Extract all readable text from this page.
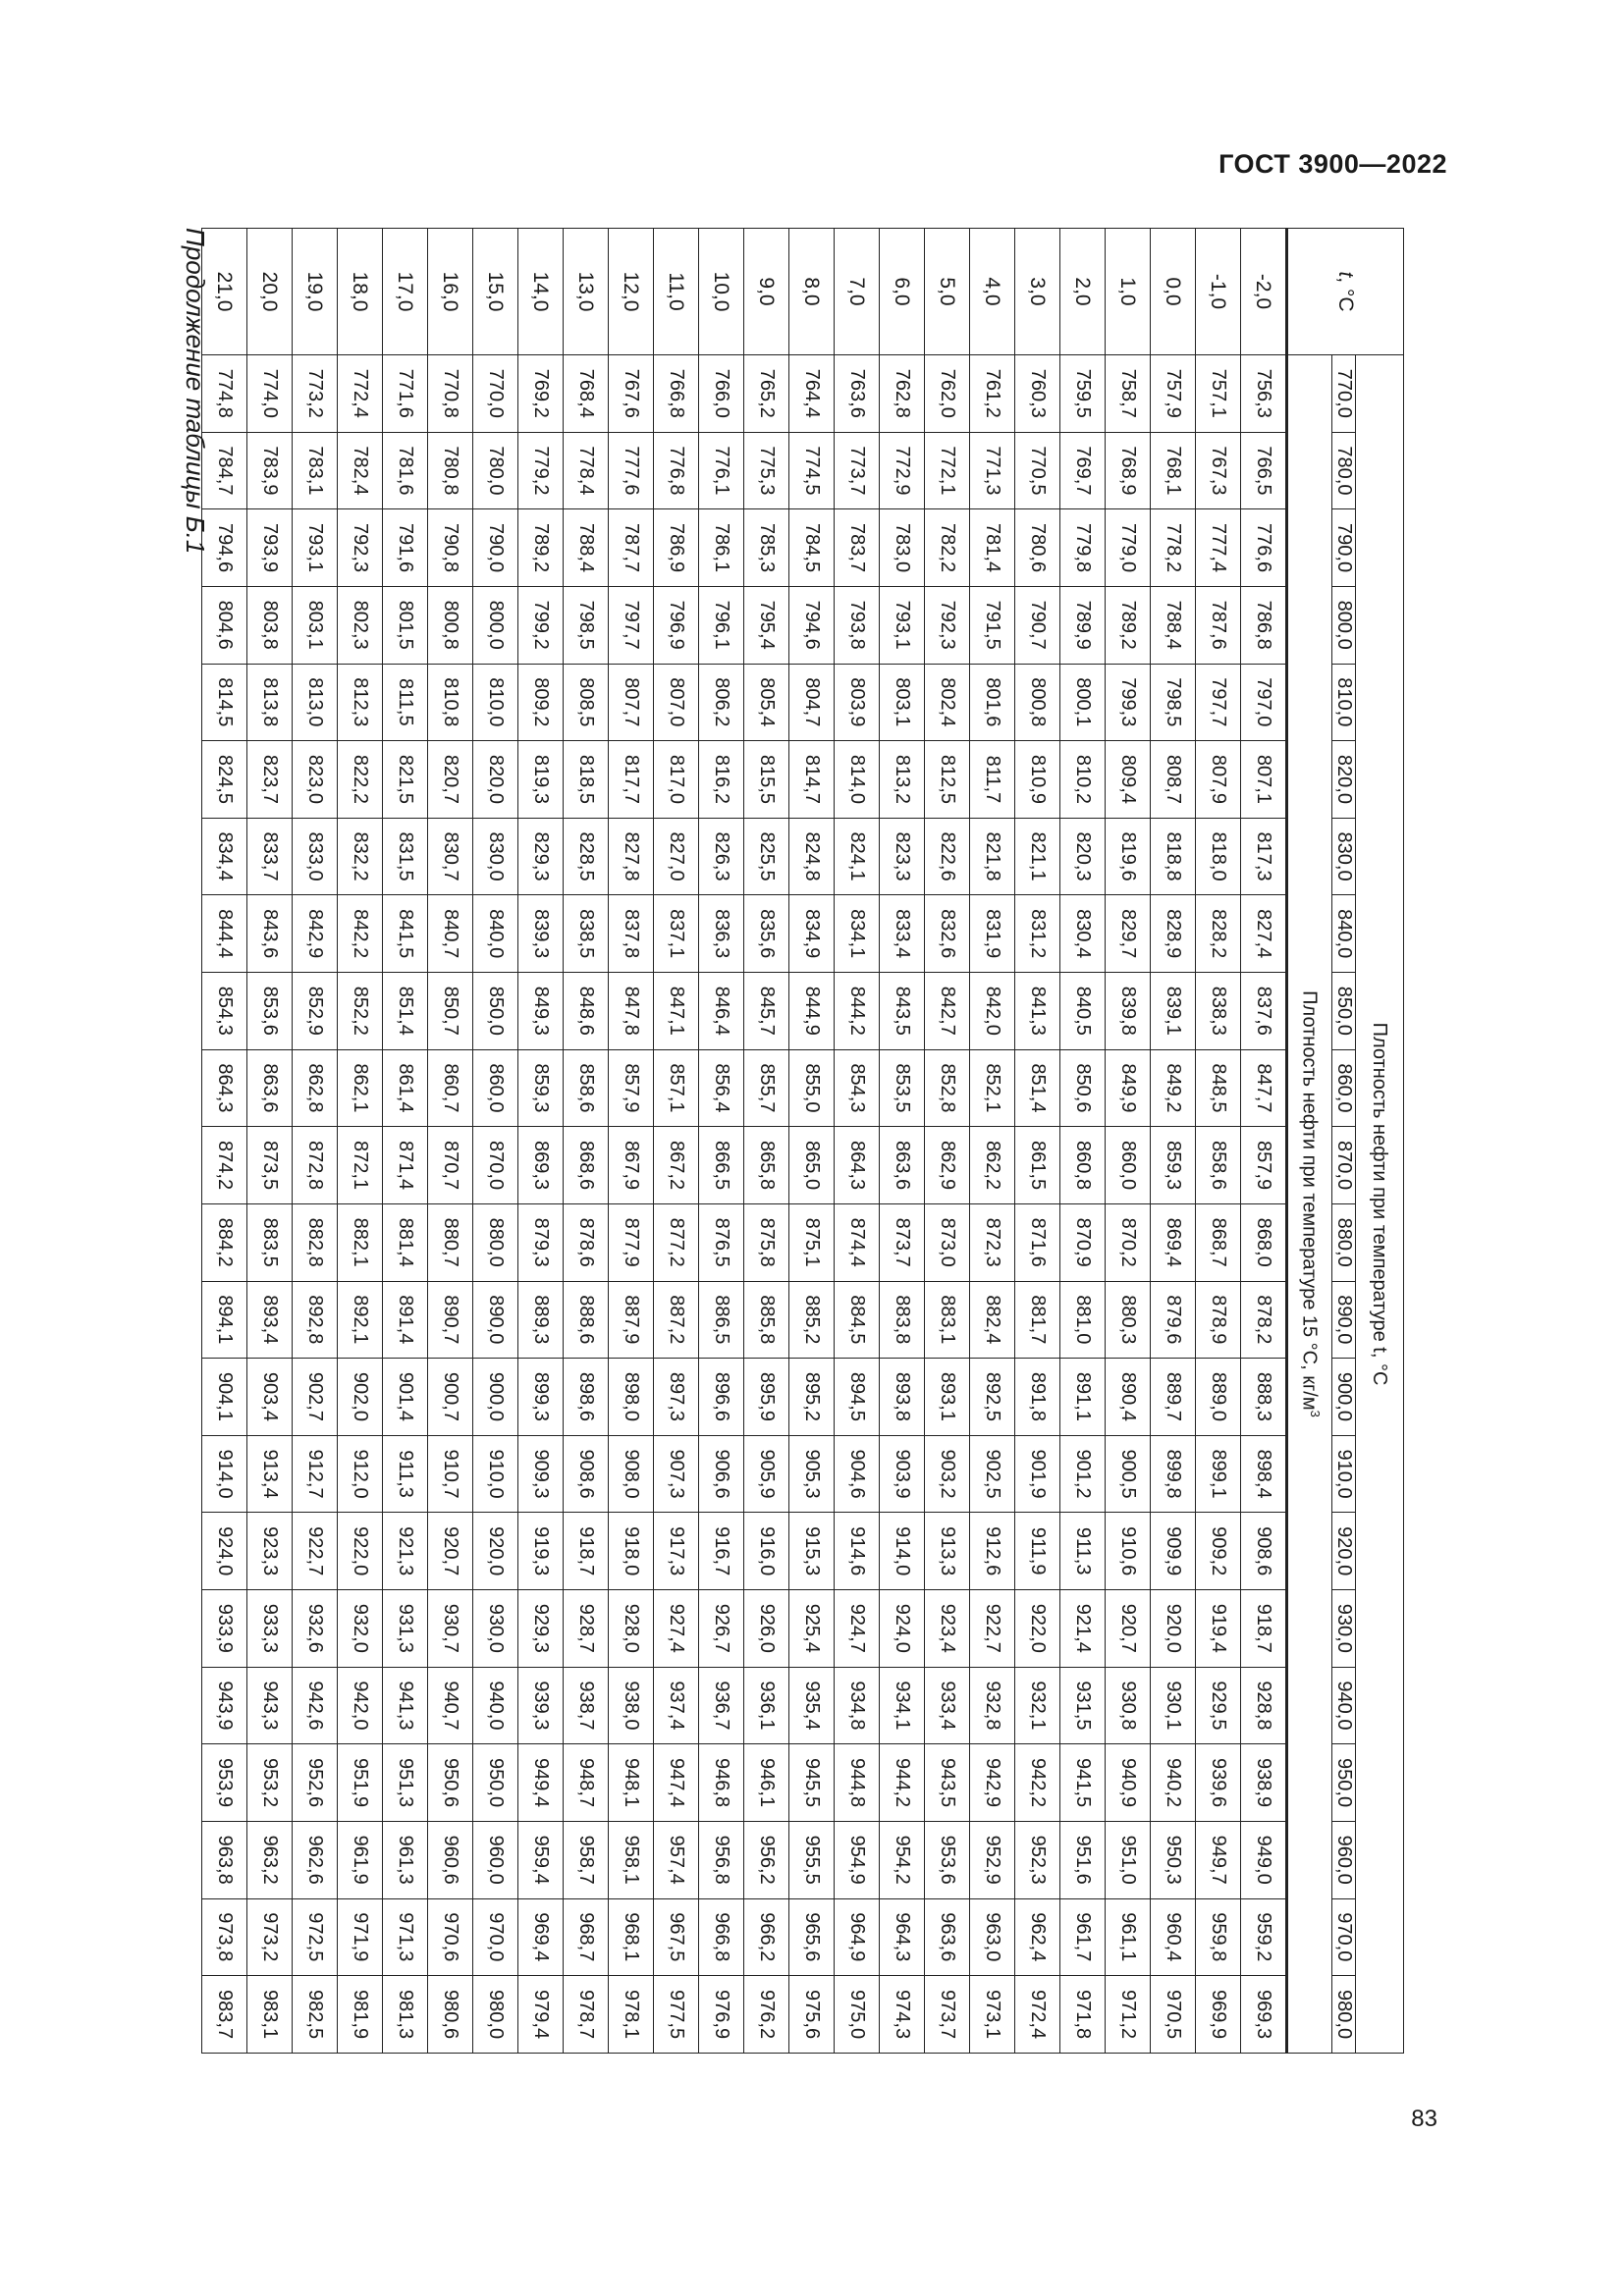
ГОСТ 3900—2022
t, °C	Плотность нефти при температуре t, °C																					
	770,0	780,0	790,0	800,0	810,0	820,0	830,0	840,0	850,0	860,0	870,0	880,0	890,0	900,0	910,0	920,0	930,0	940,0	950,0	960,0	970,0	980,0
	Плотность нефти при температуре 15 °C, $кг/м^3$
-2,0	756,3	766,5	776,6	786,8	797,0	807,1	817,3	827,4	837,6	847,7	857,9	868,0	878,2	888,3	898,4	908,6	918,7	928,8	938,9	949,0	959,2	969,3
-1,0	757,1	767,3	777,4	787,6	797,7	807,9	818,0	828,2	838,3	848,5	858,6	868,7	878,9	889,0	899,1	909,2	919,4	929,5	939,6	949,7	959,8	969,9
0,0	757,9	768,1	778,2	788,4	798,5	808,7	818,8	828,9	839,1	849,2	859,3	869,4	879,6	889,7	899,8	909,9	920,0	930,1	940,2	950,3	960,4	970,5
1,0	758,7	768,9	779,0	789,2	799,3	809,4	819,6	829,7	839,8	849,9	860,0	870,2	880,3	890,4	900,5	910,6	920,7	930,8	940,9	951,0	961,1	971,2
2,0	759,5	769,7	779,8	789,9	800,1	810,2	820,3	830,4	840,5	850,6	860,8	870,9	881,0	891,1	901,2	911,3	921,4	931,5	941,5	951,6	961,7	971,8
3,0	760,3	770,5	780,6	790,7	800,8	810,9	821,1	831,2	841,3	851,4	861,5	871,6	881,7	891,8	901,9	911,9	922,0	932,1	942,2	952,3	962,4	972,4
4,0	761,2	771,3	781,4	791,5	801,6	811,7	821,8	831,9	842,0	852,1	862,2	872,3	882,4	892,5	902,5	912,6	922,7	932,8	942,9	952,9	963,0	973,1
5,0	762,0	772,1	782,2	792,3	802,4	812,5	822,6	832,6	842,7	852,8	862,9	873,0	883,1	893,1	903,2	913,3	923,4	933,4	943,5	953,6	963,6	973,7
6,0	762,8	772,9	783,0	793,1	803,1	813,2	823,3	833,4	843,5	853,5	863,6	873,7	883,8	893,8	903,9	914,0	924,0	934,1	944,2	954,2	964,3	974,3
7,0	763,6	773,7	783,7	793,8	803,9	814,0	824,1	834,1	844,2	854,3	864,3	874,4	884,5	894,5	904,6	914,6	924,7	934,8	944,8	954,9	964,9	975,0
8,0	764,4	774,5	784,5	794,6	804,7	814,7	824,8	834,9	844,9	855,0	865,0	875,1	885,2	895,2	905,3	915,3	925,4	935,4	945,5	955,5	965,6	975,6
9,0	765,2	775,3	785,3	795,4	805,4	815,5	825,5	835,6	845,7	855,7	865,8	875,8	885,8	895,9	905,9	916,0	926,0	936,1	946,1	956,2	966,2	976,2
10,0	766,0	776,1	786,1	796,1	806,2	816,2	826,3	836,3	846,4	856,4	866,5	876,5	886,5	896,6	906,6	916,7	926,7	936,7	946,8	956,8	966,8	976,9
11,0	766,8	776,8	786,9	796,9	807,0	817,0	827,0	837,1	847,1	857,1	867,2	877,2	887,2	897,3	907,3	917,3	927,4	937,4	947,4	957,4	967,5	977,5
12,0	767,6	777,6	787,7	797,7	807,7	817,7	827,8	837,8	847,8	857,9	867,9	877,9	887,9	898,0	908,0	918,0	928,0	938,0	948,1	958,1	968,1	978,1
13,0	768,4	778,4	788,4	798,5	808,5	818,5	828,5	838,5	848,6	858,6	868,6	878,6	888,6	898,6	908,6	918,7	928,7	938,7	948,7	958,7	968,7	978,7
14,0	769,2	779,2	789,2	799,2	809,2	819,3	829,3	839,3	849,3	859,3	869,3	879,3	889,3	899,3	909,3	919,3	929,3	939,3	949,4	959,4	969,4	979,4
15,0	770,0	780,0	790,0	800,0	810,0	820,0	830,0	840,0	850,0	860,0	870,0	880,0	890,0	900,0	910,0	920,0	930,0	940,0	950,0	960,0	970,0	980,0
16,0	770,8	780,8	790,8	800,8	810,8	820,7	830,7	840,7	850,7	860,7	870,7	880,7	890,7	900,7	910,7	920,7	930,7	940,7	950,6	960,6	970,6	980,6
17,0	771,6	781,6	791,6	801,5	811,5	821,5	831,5	841,5	851,4	861,4	871,4	881,4	891,4	901,4	911,3	921,3	931,3	941,3	951,3	961,3	971,3	981,3
18,0	772,4	782,4	792,3	802,3	812,3	822,2	832,2	842,2	852,2	862,1	872,1	882,1	892,1	902,0	912,0	922,0	932,0	942,0	951,9	961,9	971,9	981,9
19,0	773,2	783,1	793,1	803,1	813,0	823,0	833,0	842,9	852,9	862,8	872,8	882,8	892,8	902,7	912,7	922,7	932,6	942,6	952,6	962,6	972,5	982,5
20,0	774,0	783,9	793,9	803,8	813,8	823,7	833,7	843,6	853,6	863,6	873,5	883,5	893,4	903,4	913,4	923,3	933,3	943,3	953,2	963,2	973,2	983,1
21,0	774,8	784,7	794,6	804,6	814,5	824,5	834,4	844,4	854,3	864,3	874,2	884,2	894,1	904,1	914,0	924,0	933,9	943,9	953,9	963,8	973,8	983,7
Продолжение таблицы Б.1
83
